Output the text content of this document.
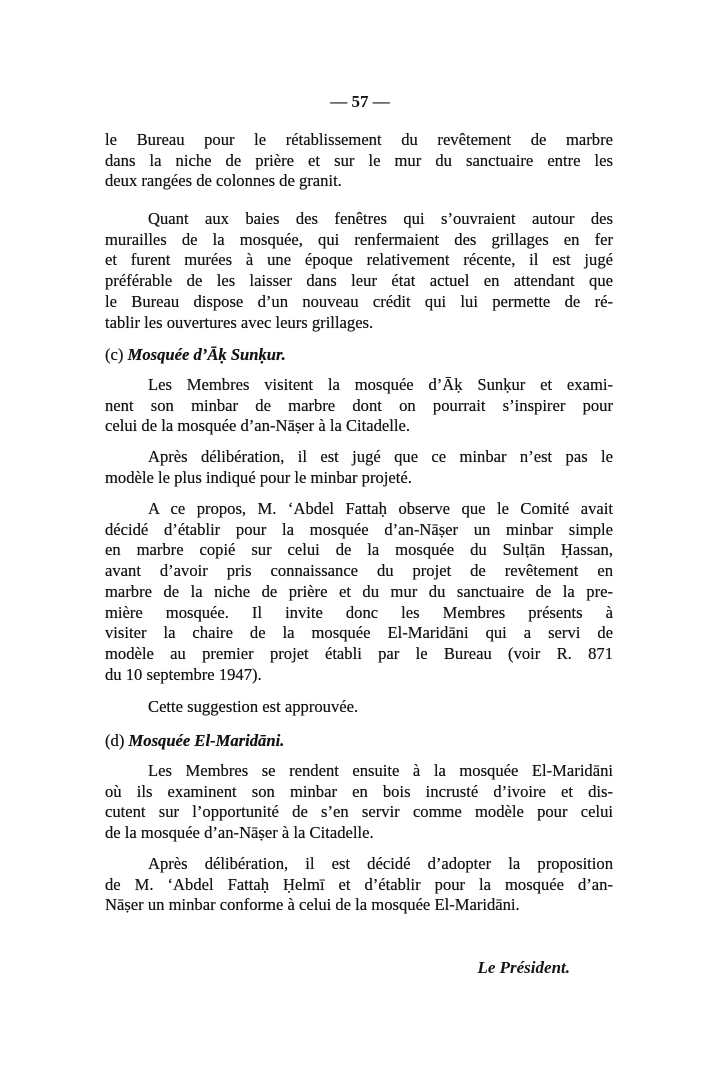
— 57 —
le Bureau pour le rétablissement du revêtement de marbre
dans la niche de prière et sur le mur du sanctuaire entre les
deux rangées de colonnes de granit.
Quant aux baies des fenêtres qui s’ouvraient autour des
murailles de la mosquée, qui renfermaient des grillages en fer
et furent murées à une époque relativement récente, il est jugé
préférable de les laisser dans leur état actuel en attendant que
le Bureau dispose d’un nouveau crédit qui lui permette de ré-
tablir les ouvertures avec leurs grillages.
(c) Mosquée d’Āḳ Sunḳur.
Les Membres visitent la mosquée d’Āḳ Sunḳur et exami-
nent son minbar de marbre dont on pourrait s’inspirer pour
celui de la mosquée d’an-Nāṣer à la Citadelle.
Après délibération, il est jugé que ce minbar n’est pas le
modèle le plus indiqué pour le minbar projeté.
A ce propos, M. ‘Abdel Fattaḥ observe que le Comité avait
décidé d’établir pour la mosquée d’an-Nāṣer un minbar simple
en marbre copié sur celui de la mosquée du Sulṭān Ḥassan,
avant d’avoir pris connaissance du projet de revêtement en
marbre de la niche de prière et du mur du sanctuaire de la pre-
mière mosquée. Il invite donc les Membres présents à
visiter la chaire de la mosquée El-Maridāni qui a servi de
modèle au premier projet établi par le Bureau (voir R. 871
du 10 septembre 1947).
Cette suggestion est approuvée.
(d) Mosquée El-Maridāni.
Les Membres se rendent ensuite à la mosquée El-Maridāni
où ils examinent son minbar en bois incrusté d’ivoire et dis-
cutent sur l’opportunité de s’en servir comme modèle pour celui
de la mosquée d’an-Nāṣer à la Citadelle.
Après délibération, il est décidé d’adopter la proposition
de M. ‘Abdel Fattaḥ Ḥelmī et d’établir pour la mosquée d’an-
Nāṣer un minbar conforme à celui de la mosquée El-Maridāni.
Le Président.
